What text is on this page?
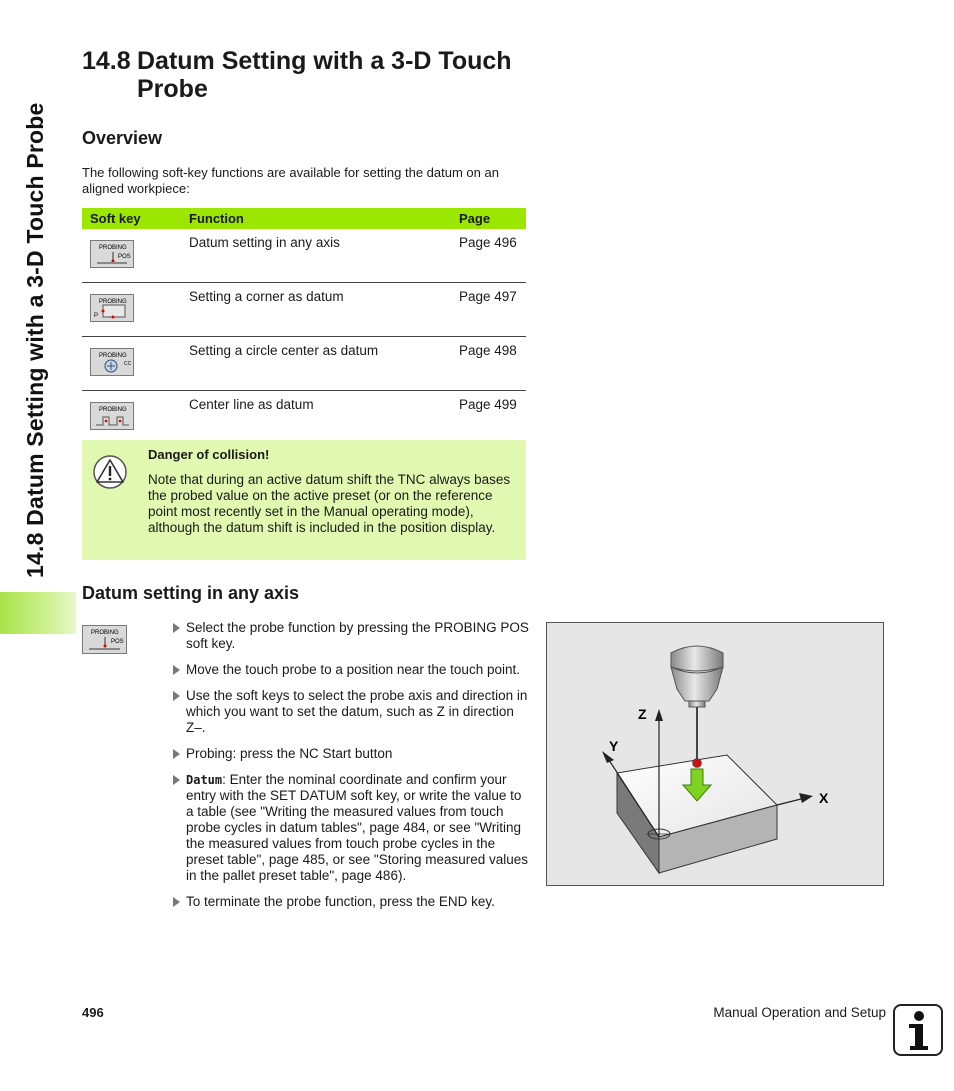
14.8 Datum Setting with a 3-D Touch Probe
14.8 Datum Setting with a 3-D Touch
Probe
Overview
The following soft-key functions are available for setting the datum on an aligned workpiece:
Soft key	Function	Page

PROBING
POS	Datum setting in any axis	Page 496

PROBING
P	Setting a corner as datum	Page 497

PROBING
CC	Setting a circle center as datum	Page 498

PROBING	Center line as datum	Page 499
Danger of collision!
Note that during an active datum shift the TNC always bases the probed value on the active preset (or on the reference point most recently set in the Manual operating mode), although the datum shift is included in the position display.
Datum setting in any axis
PROBING
POS
Select the probe function by pressing the PROBING POS soft key.
Move the touch probe to a position near the touch point.
Use the soft keys to select the probe axis and direction in which you want to set the datum, such as Z in direction Z–.
Probing: press the NC Start button
Datum: Enter the nominal coordinate and confirm your entry with the SET DATUM soft key, or write the value to a table (see "Writing the measured values from touch probe cycles in datum tables", page 484, or see "Writing the measured values from touch probe cycles in the preset table", page 485, or see "Storing measured values in the pallet preset table", page 486).
To terminate the probe function, press the END key.
Z
Y
X
496	Manual Operation and Setup
